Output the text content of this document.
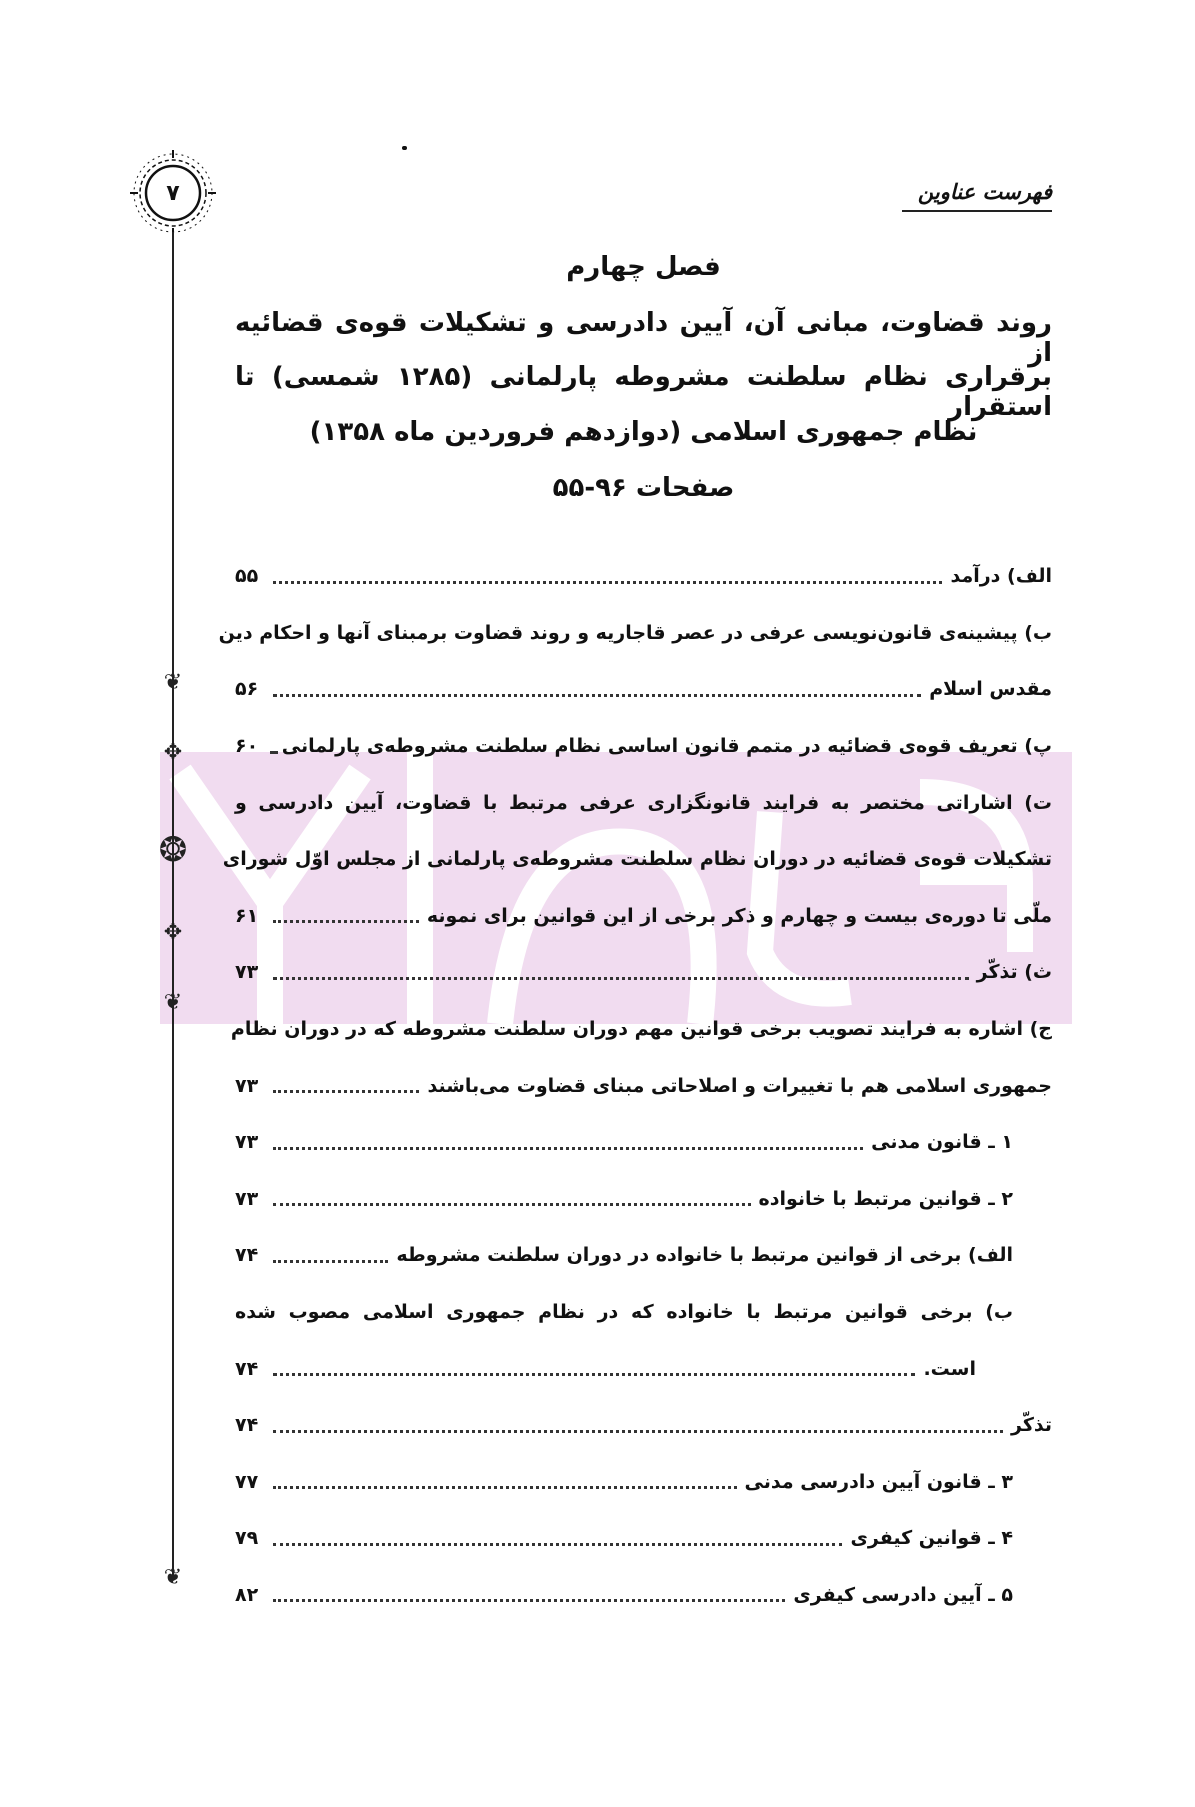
۷
❦
✥
❂
✥
❦
❦
فهرست عناوین
فصل چهارم
روند قضاوت، مبانی آن، آیین دادرسی و تشکیلات قوه‌ی قضائیه از
برقراری نظام سلطنت مشروطه پارلمانی (۱۲۸۵ شمسی) تا استقرار
نظام جمهوری اسلامی (دوازدهم فروردین ماه ۱۳۵۸)
صفحات ۹۶-۵۵
الف) درآمد
۵۵
ب) پیشینه‌ی قانون‌نویسی عرفی در عصر قاجاریه و روند قضاوت برمبنای آنها و احکام دین
مقدس اسلام
۵۶
پ) تعریف قوه‌ی قضائیه در متمم قانون اساسی نظام سلطنت مشروطه‌ی پارلمانی
۶۰
ت) اشاراتی مختصر به فرایند قانونگزاری عرفی مرتبط با قضاوت، آیین دادرسی و
تشکیلات قوه‌ی قضائیه در دوران نظام سلطنت مشروطه‌ی پارلمانی از مجلس اوّل شورای
ملّی تا دوره‌ی بیست و چهارم و ذکر برخی از این قوانین برای نمونه
۶۱
ث) تذکّر
۷۳
ج) اشاره به فرایند تصویب برخی قوانین مهم دوران سلطنت مشروطه که در دوران نظام
جمهوری اسلامی هم با تغییرات و اصلاحاتی مبنای قضاوت می‌باشند
۷۳
۱ ـ قانون مدنی
۷۳
۲ ـ قوانین مرتبط با خانواده
۷۳
الف) برخی از قوانین مرتبط با خانواده در دوران سلطنت مشروطه
۷۴
ب) برخی قوانین مرتبط با خانواده که در نظام جمهوری اسلامی مصوب شده
است.
۷۴
تذکّر
۷۴
۳ ـ قانون آیین دادرسی مدنی
۷۷
۴ ـ قوانین کیفری
۷۹
۵ ـ آیین دادرسی کیفری
۸۲
